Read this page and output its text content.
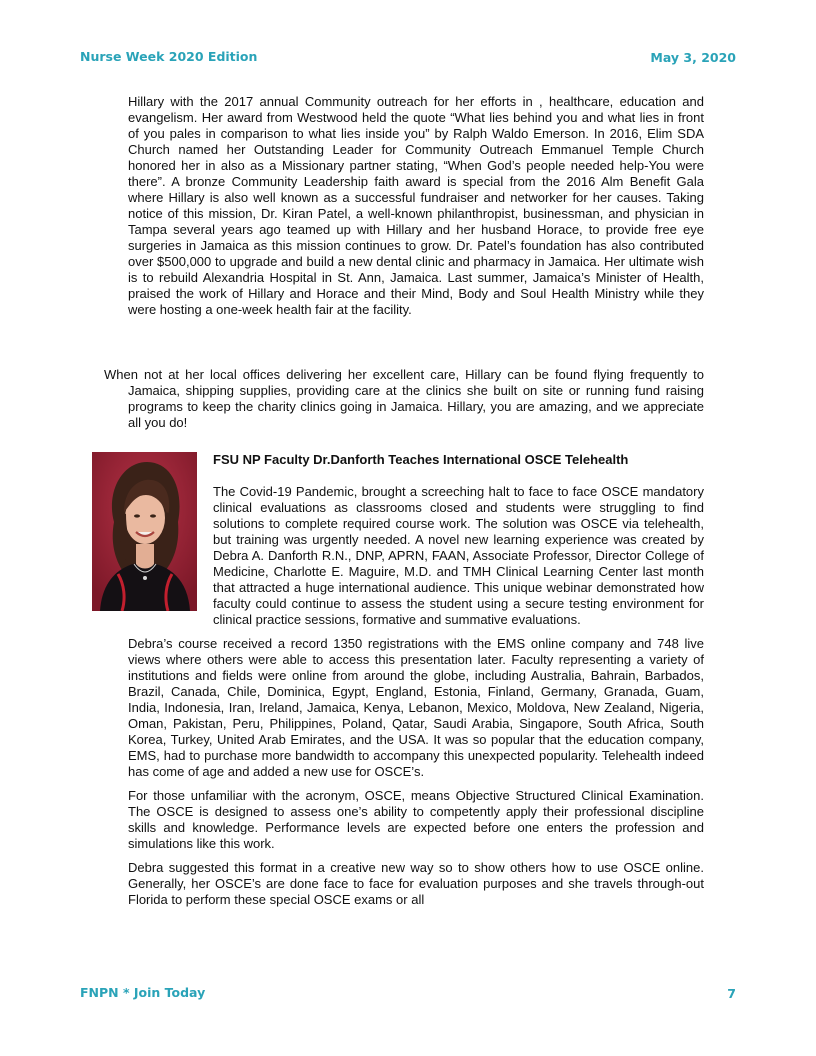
Nurse Week 2020 Edition	May 3, 2020

Hillary with the 2017 annual Community outreach for her efforts in , healthcare, education and evangelism. Her award from Westwood held the quote “What lies behind you and what lies in front of you pales in comparison to what lies inside you” by Ralph Waldo Emerson. In 2016, Elim SDA Church named her Outstanding Leader for Community Outreach Emmanuel Temple Church honored her in also as a Missionary partner stating, “When God’s people needed help-You were there”. A bronze Community Leadership faith award is special from the 2016 Alm Benefit Gala where Hillary is also well known as a successful fundraiser and networker for her causes. Taking notice of this mission, Dr. Kiran Patel, a well-known philanthropist, businessman, and physician in Tampa several years ago teamed up with Hillary and her husband Horace, to provide free eye surgeries in Jamaica as this mission continues to grow. Dr. Patel’s foundation has also contributed over $500,000 to upgrade and build a new dental clinic and pharmacy in Jamaica. Her ultimate wish is to rebuild Alexandria Hospital in St. Ann, Jamaica. Last summer, Jamaica’s Minister of Health, praised the work of Hillary and Horace and their Mind, Body and Soul Health Ministry while they were hosting a one-week health fair at the facility.

When not at her local offices delivering her excellent care, Hillary can be found flying frequently to Jamaica, shipping supplies, providing care at the clinics she built on site or running fund raising programs to keep the charity clinics going in Jamaica. Hillary, you are amazing, and we appreciate all you do!

FSU NP Faculty Dr.Danforth Teaches International OSCE Telehealth

The Covid-19 Pandemic, brought a screeching halt to face to face OSCE mandatory clinical evaluations as classrooms closed and students were struggling to find solutions to complete required course work. The solution was OSCE via telehealth, but training was urgently needed. A novel new learning experience was created by Debra A. Danforth R.N., DNP, APRN, FAAN, Associate Professor, Director College of Medicine, Charlotte E. Maguire, M.D. and TMH Clinical Learning Center last month that attracted a huge international audience. This unique webinar demonstrated how faculty could continue to assess the student using a secure testing environment for clinical practice sessions, formative and summative evaluations.

Debra’s course received a record 1350 registrations with the EMS online company and 748 live views where others were able to access this presentation later. Faculty representing a variety of institutions and fields were online from around the globe, including Australia, Bahrain, Barbados, Brazil, Canada, Chile, Dominica, Egypt, England, Estonia, Finland, Germany, Granada, Guam, India, Indonesia, Iran, Ireland, Jamaica, Kenya, Lebanon, Mexico, Moldova, New Zealand, Nigeria, Oman, Pakistan, Peru, Philippines, Poland, Qatar, Saudi Arabia, Singapore, South Africa, South Korea, Turkey, United Arab Emirates, and the USA. It was so popular that the education company, EMS, had to purchase more bandwidth to accompany this unexpected popularity. Telehealth indeed has come of age and added a new use for OSCE’s.

For those unfamiliar with the acronym, OSCE, means Objective Structured Clinical Examination. The OSCE is designed to assess one’s ability to competently apply their professional discipline skills and knowledge. Performance levels are expected before one enters the profession and simulations like this work.

Debra suggested this format in a creative new way so to show others how to use OSCE online. Generally, her OSCE’s are done face to face for evaluation purposes and she travels through-out Florida to perform these special OSCE exams or all

FNPN * Join Today	7
